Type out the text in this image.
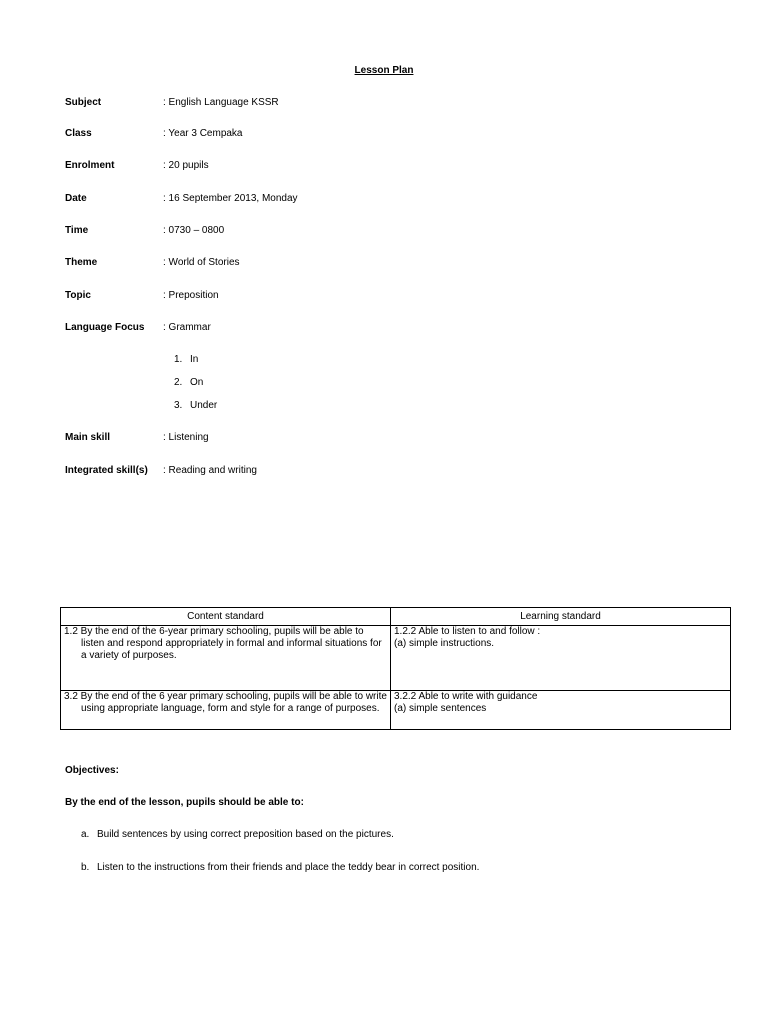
Lesson Plan
Subject	: English Language KSSR
Class	: Year 3 Cempaka
Enrolment	: 20 pupils
Date	: 16 September 2013, Monday
Time	: 0730 – 0800
Theme	: World of Stories
Topic	: Preposition
Language Focus : Grammar
1. In
2. On
3. Under
Main skill	: Listening
Integrated skill(s) : Reading and writing
Content standard	Learning standard

1.2 By the end of the 6-year primary schooling, pupils will be able to listen and respond appropriately in formal and informal situations for a variety of purposes.	1.2.2 Able to listen to and follow :
(a) simple instructions.

3.2 By the end of the 6 year primary schooling, pupils will be able to write using appropriate language, form and style for a range of purposes.	3.2.2 Able to write with guidance
(a) simple sentences
Objectives:
By the end of the lesson, pupils should be able to:
a. Build sentences by using correct preposition based on the pictures.
b. Listen to the instructions from their friends and place the teddy bear in correct position.
